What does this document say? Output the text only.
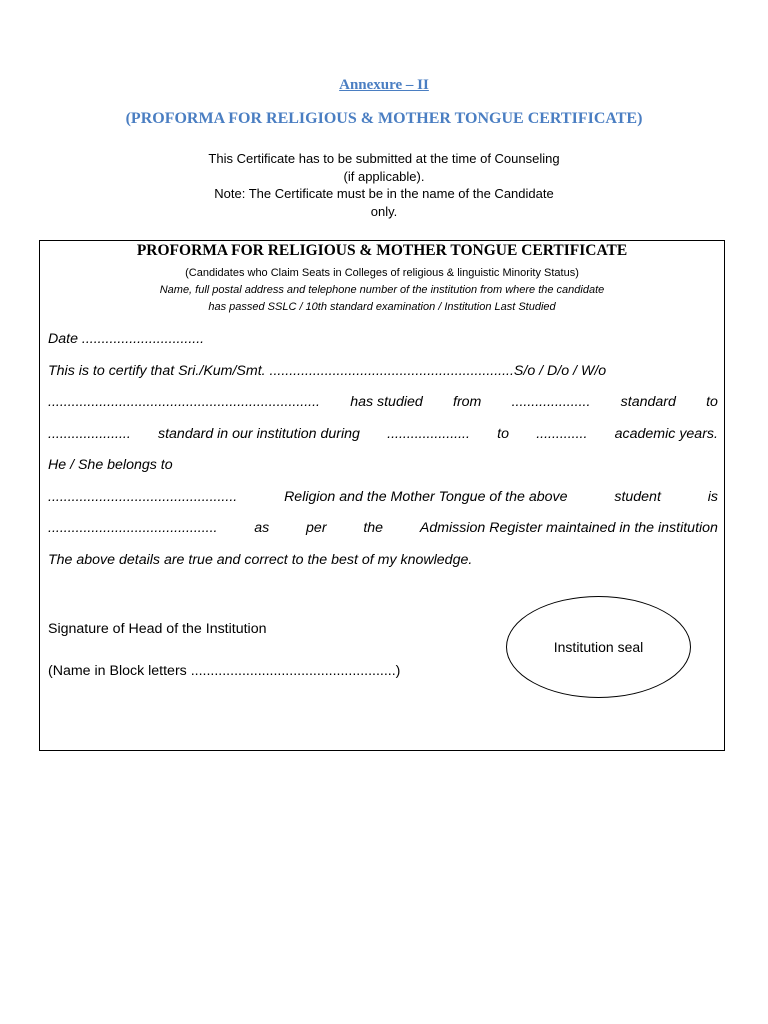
Annexure – II
(PROFORMA FOR RELIGIOUS & MOTHER TONGUE CERTIFICATE)

This Certificate has to be submitted at the time of Counseling
(if applicable).
Note: The Certificate must be in the name of the Candidate
only.

PROFORMA FOR RELIGIOUS & MOTHER TONGUE CERTIFICATE
(Candidates who Claim Seats in Colleges of religious & linguistic Minority Status)
Name, full postal address and telephone number of the institution from where the candidate
has passed SSLC / 10th standard examination / Institution Last Studied
Date ...............................
This is to certify that Sri./Kum/Smt. ..............................................................S/o / D/o / W/o
..................................................................... has studied from .................... standard to
..................... standard in our institution during ..................... to ............. academic years.
He / She belongs to
................................................	Religion and the Mother Tongue of the above	student	is
...........................................	as	per	the	Admission Register maintained in the institution
The above details are true and correct to the best of my knowledge.
Signature of Head of the Institution
(Name in Block letters ....................................................)
Institution seal
